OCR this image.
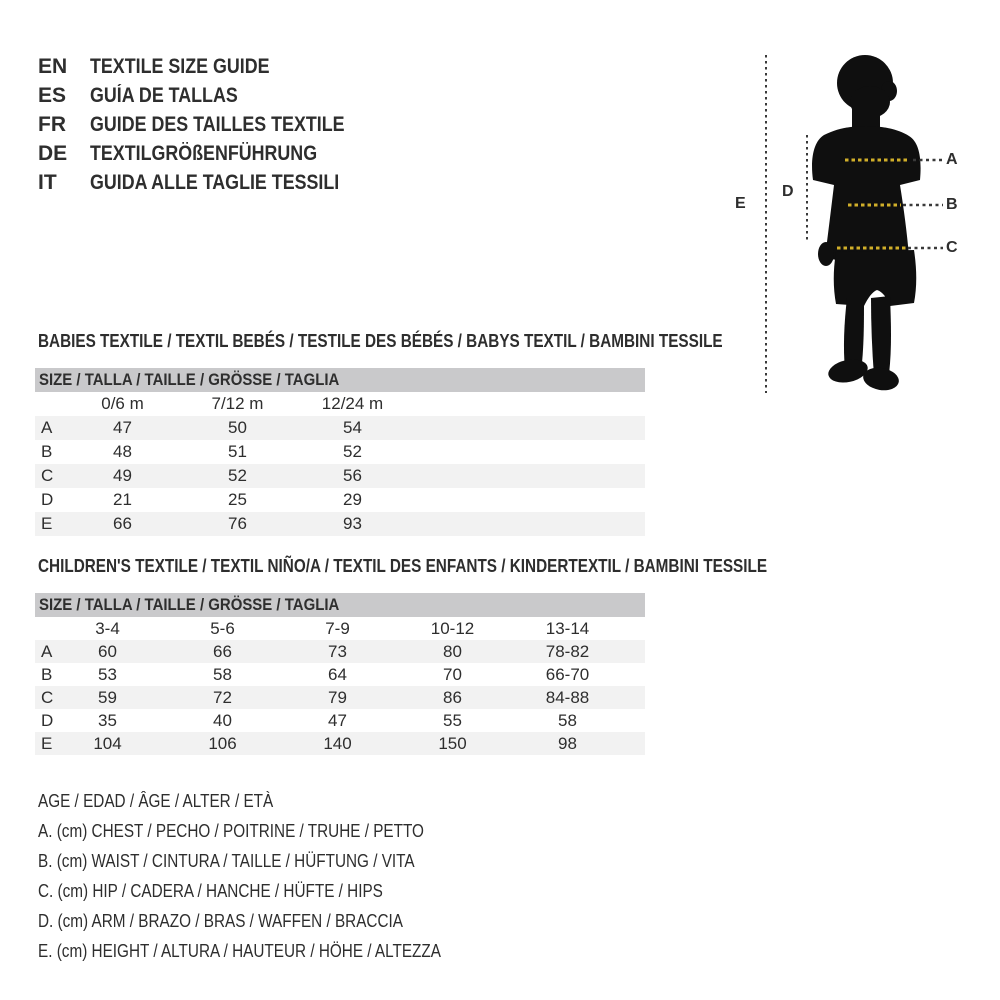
EN	TEXTILE SIZE GUIDE
ES	GUÍA DE TALLAS
FR	GUIDE DES TAILLES TEXTILE
DE	TEXTILGRÖßENFÜHRUNG
IT	GUIDA ALLE TAGLIE TESSILI
A
B
C
D
E
BABIES TEXTILE / TEXTIL BEBÉS / TESTILE DES BÉBÉS / BABYS TEXTIL / BAMBINI TESSILE
SIZE / TALLA / TAILLE / GRÖSSE / TAGLIA
0/6 m	7/12 m	12/24 m
A	47	50	54
B	48	51	52
C	49	52	56
D	21	25	29
E	66	76	93
CHILDREN'S TEXTILE / TEXTIL NIÑO/A / TEXTIL DES ENFANTS / KINDERTEXTIL / BAMBINI TESSILE
SIZE / TALLA / TAILLE / GRÖSSE / TAGLIA
3-4	5-6	7-9	10-12	13-14
A	60	66	73	80	78-82
B	53	58	64	70	66-70
C	59	72	79	86	84-88
D	35	40	47	55	58
E	104	106	140	150	98
AGE / EDAD / ÂGE / ALTER / ETÀ
A. (cm) CHEST / PECHO / POITRINE / TRUHE / PETTO
B. (cm) WAIST / CINTURA / TAILLE / HÜFTUNG / VITA
C. (cm) HIP / CADERA / HANCHE / HÜFTE / HIPS
D. (cm) ARM / BRAZO / BRAS / WAFFEN / BRACCIA
E. (cm) HEIGHT / ALTURA / HAUTEUR / HÖHE / ALTEZZA
